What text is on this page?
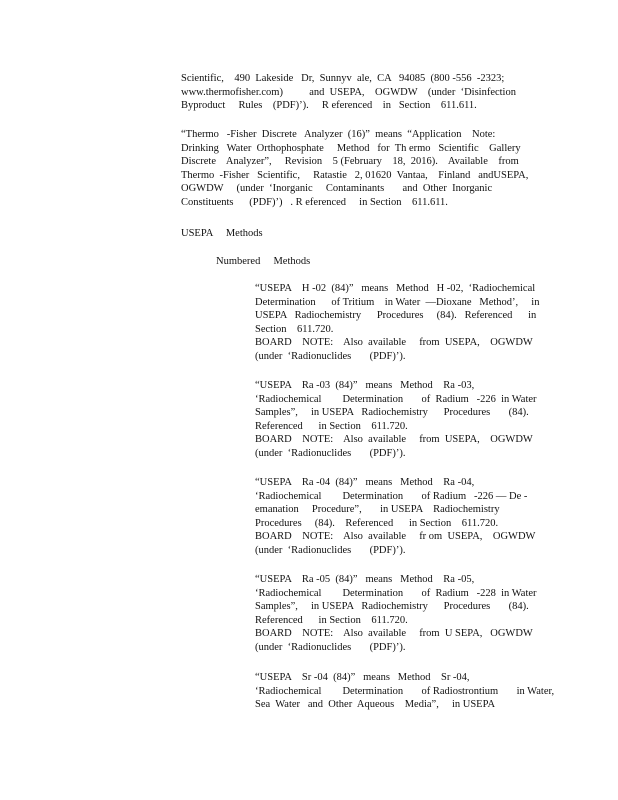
Scientific,    490  Lakeside   Dr,  Sunnyv  ale,  CA   94085  (800 -556  -2323;
www.thermofisher.com)          and  USEPA,    OGWDW    (under  ‘Disinfection
Byproduct     Rules    (PDF)’).     R eferenced    in   Section    611.611.
“Thermo   -Fisher  Discrete   Analyzer  (16)”  means  “Application    Note:
Drinking   Water  Orthophosphate     Method   for  Th ermo   Scientific    Gallery
Discrete    Analyzer”,     Revision    5 (February    18,  2016).    Available    from
Thermo  -Fisher   Scientific,     Ratastie   2, 01620  Vantaa,    Finland   andUSEPA,
OGWDW     (under  ‘Inorganic     Contaminants       and  Other  Inorganic
Constituents      (PDF)’)   . R eferenced     in Section    611.611.
USEPA     Methods
Numbered     Methods
“USEPA    H -02  (84)”   means   Method   H -02,  ‘Radiochemical
Determination      of Tritium    in Water  —Dioxane   Method’,     in
USEPA   Radiochemistry      Procedures     (84).   Referenced      in
Section    611.720.
BOARD    NOTE:    Also  available     from  USEPA,    OGWDW
(under  ‘Radionuclides       (PDF)’).
“USEPA    Ra -03  (84)”   means   Method    Ra -03,
‘Radiochemical        Determination       of  Radium   -226  in Water
Samples”,     in USEPA   Radiochemistry      Procedures       (84).
Referenced      in Section    611.720.
BOARD    NOTE:    Also  available     from  USEPA,    OGWDW
(under  ‘Radionuclides       (PDF)’).
“USEPA    Ra -04  (84)”   means   Method    Ra -04,
‘Radiochemical        Determination       of Radium   -226 — De -
emanation     Procedure”,       in USEPA    Radiochemistry
Procedures     (84).    Referenced      in Section    611.720.
BOARD    NOTE:    Also  available     fr om  USEPA,    OGWDW
(under  ‘Radionuclides       (PDF)’).
“USEPA    Ra -05  (84)”   means   Method    Ra -05,
‘Radiochemical        Determination       of  Radium   -228  in Water
Samples”,     in USEPA   Radiochemistry      Procedures       (84).
Referenced      in Section    611.720.
BOARD    NOTE:    Also  available     from  U SEPA,   OGWDW
(under  ‘Radionuclides       (PDF)’).
“USEPA    Sr -04  (84)”   means   Method    Sr -04,
‘Radiochemical        Determination       of Radiostrontium       in Water,
Sea  Water   and  Other  Aqueous    Media”,     in USEPA
